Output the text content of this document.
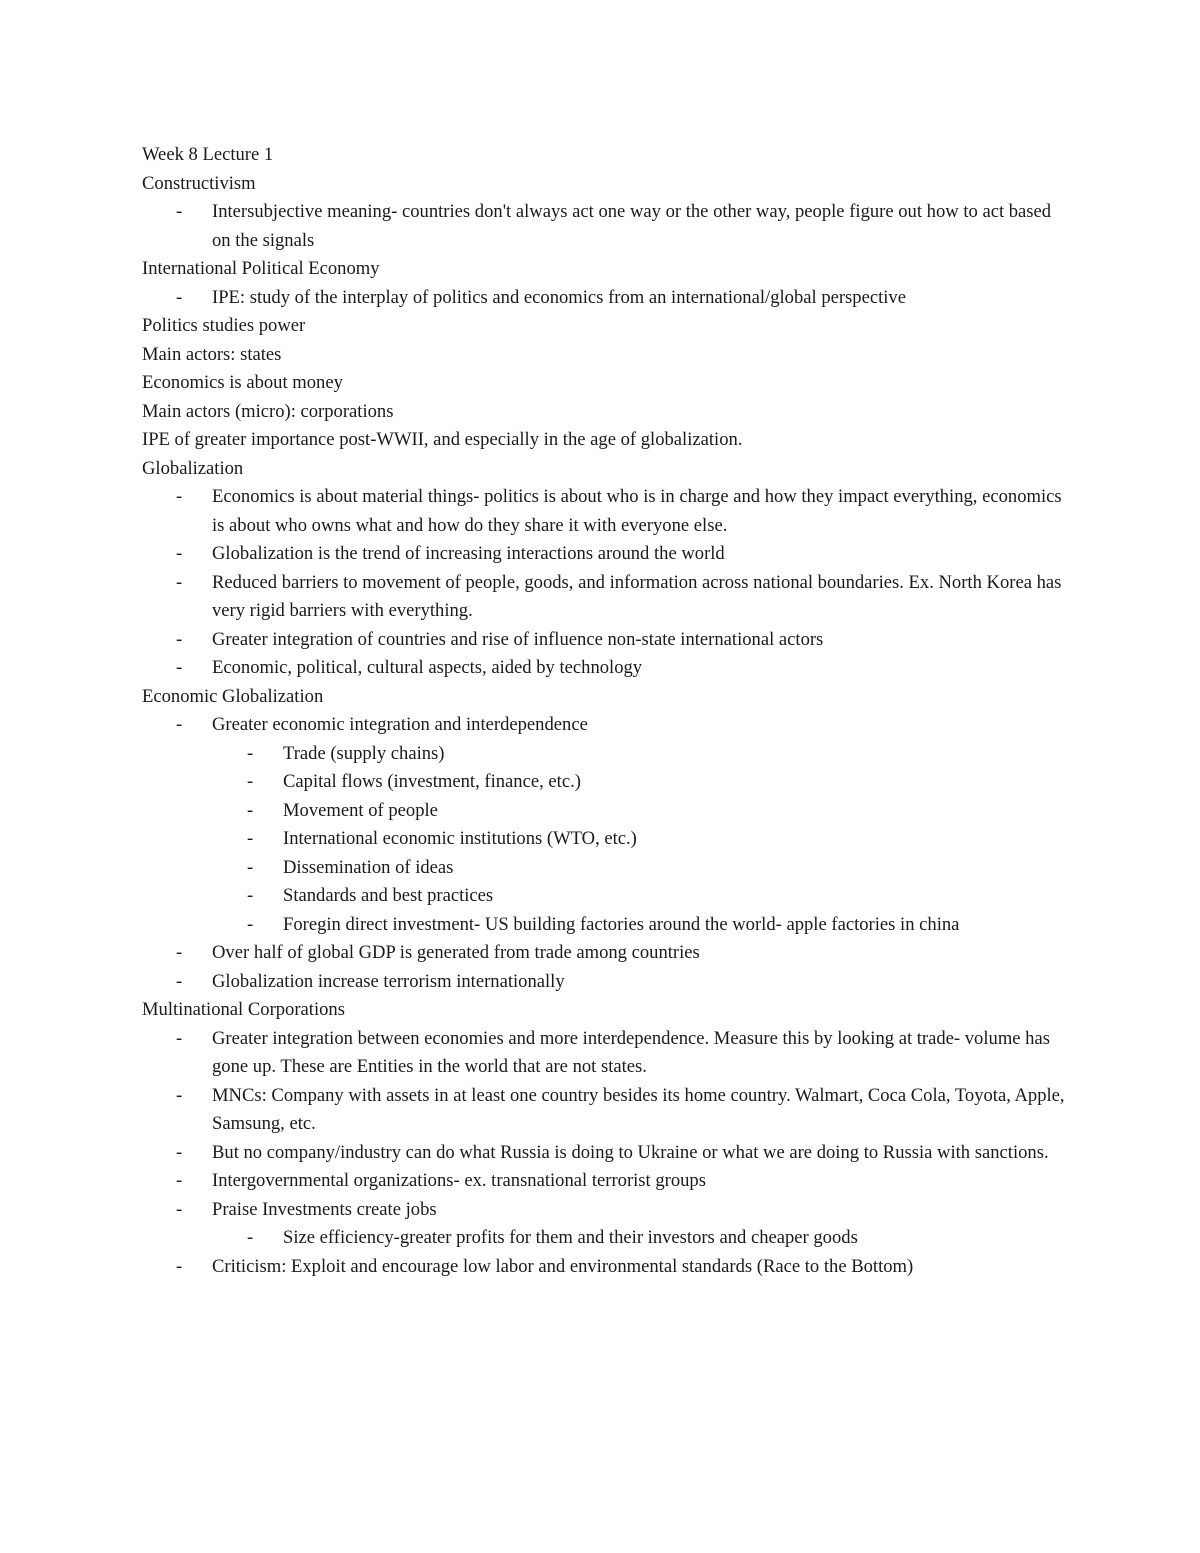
Week 8 Lecture 1

Constructivism

- Intersubjective meaning- countries don't always act one way or the other way, people figure out how to act based on the signals

International Political Economy

- IPE: study of the interplay of politics and economics from an international/global perspective

Politics studies power

Main actors: states

Economics is about money

Main actors (micro): corporations

IPE of greater importance post-WWII, and especially in the age of globalization.

Globalization

- Economics is about material things- politics is about who is in charge and how they impact everything, economics is about who owns what and how do they share it with everyone else.
- Globalization is the trend of increasing interactions around the world
- Reduced barriers to movement of people, goods, and information across national boundaries. Ex. North Korea has very rigid barriers with everything.
- Greater integration of countries and rise of influence non-state international actors
- Economic, political, cultural aspects, aided by technology

Economic Globalization

- Greater economic integration and interdependence
- Trade (supply chains)
- Capital flows (investment, finance, etc.)
- Movement of people
- International economic institutions (WTO, etc.)
- Dissemination of ideas
- Standards and best practices
- Foregin direct investment- US building factories around the world- apple factories in china
- Over half of global GDP is generated from trade among countries
- Globalization increase terrorism internationally

Multinational Corporations

- Greater integration between economies and more interdependence. Measure this by looking at trade- volume has gone up. These are Entities in the world that are not states.
- MNCs: Company with assets in at least one country besides its home country. Walmart, Coca Cola, Toyota, Apple, Samsung, etc.
- But no company/industry can do what Russia is doing to Ukraine or what we are doing to Russia with sanctions.
- Intergovernmental organizations- ex. transnational terrorist groups
- Praise Investments create jobs
- Size efficiency-greater profits for them and their investors and cheaper goods
- Criticism: Exploit and encourage low labor and environmental standards (Race to the Bottom)
